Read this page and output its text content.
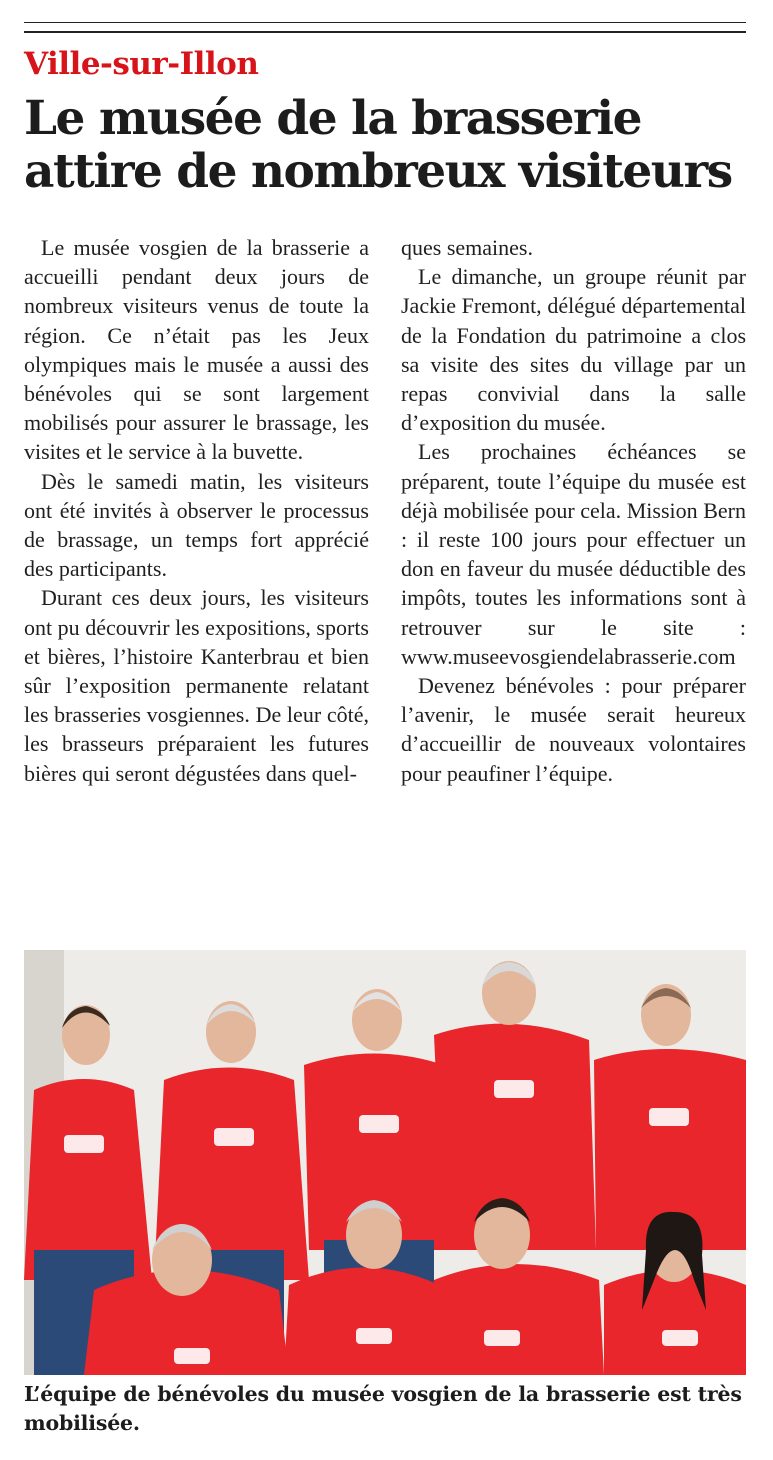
Ville-sur-Illon
Le musée de la brasserie
attire de nombreux visiteurs

Le musée vosgien de la brasserie a accueilli pendant deux jours de nombreux visiteurs venus de toute la région. Ce n’était pas les Jeux olympiques mais le musée a aussi des bénévoles qui se sont largement mobilisés pour assurer le brassage, les visites et le service à la buvette.

Dès le samedi matin, les visiteurs ont été invités à observer le processus de brassage, un temps fort apprécié des participants.

Durant ces deux jours, les visiteurs ont pu découvrir les expositions, sports et bières, l’histoire Kanterbrau et bien sûr l’exposition permanente relatant les brasseries vosgiennes. De leur côté, les brasseurs préparaient les futures bières qui seront dégustées dans quel-

ques semaines.

Le dimanche, un groupe réunit par Jackie Fremont, délégué départemental de la Fondation du patrimoine a clos sa visite des sites du village par un repas convivial dans la salle d’exposition du musée.

Les prochaines échéances se préparent, toute l’équipe du musée est déjà mobilisée pour cela. Mission Bern : il reste 100 jours pour effectuer un don en faveur du musée déductible des impôts, toutes les informations sont à retrouver sur le site : www.museevosgiendelabrasserie.com

Devenez bénévoles : pour préparer l’avenir, le musée serait heureux d’accueillir de nouveaux volontaires pour peaufiner l’équipe.

L’équipe de bénévoles du musée vosgien de la brasserie est très mobilisée.
